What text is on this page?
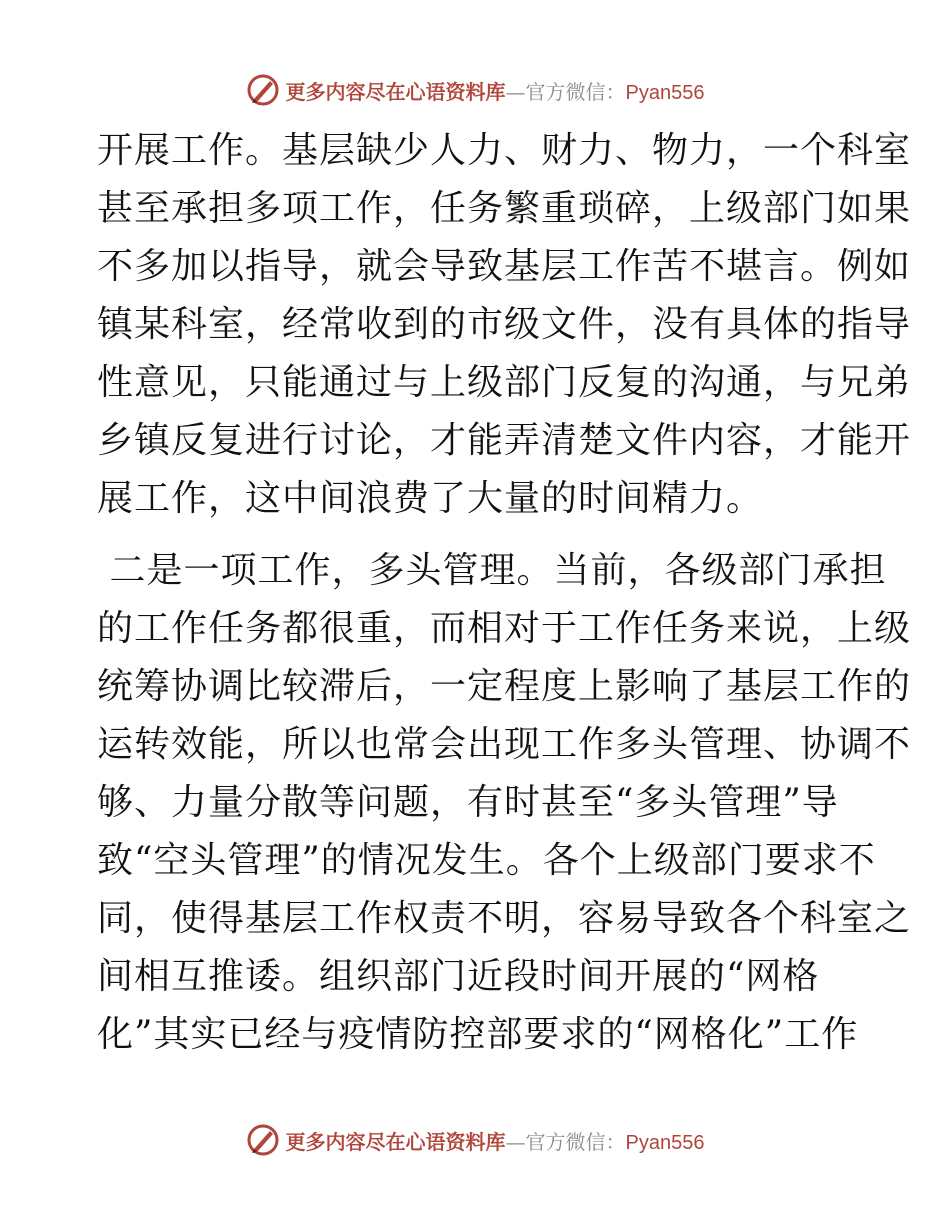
更多内容尽在心语资料库—官方微信：Pyan556
开展工作。基层缺少人力、财力、物力，一个科室
甚至承担多项工作，任务繁重琐碎，上级部门如果
不多加以指导，就会导致基层工作苦不堪言。例如
镇某科室，经常收到的市级文件，没有具体的指导
性意见，只能通过与上级部门反复的沟通，与兄弟
乡镇反复进行讨论，才能弄清楚文件内容，才能开
展工作，这中间浪费了大量的时间精力。
二是一项工作，多头管理。当前，各级部门承担
的工作任务都很重，而相对于工作任务来说，上级
统筹协调比较滞后，一定程度上影响了基层工作的
运转效能，所以也常会出现工作多头管理、协调不
够、力量分散等问题，有时甚至“多头管理”导
致“空头管理”的情况发生。各个上级部门要求不
同，使得基层工作权责不明，容易导致各个科室之
间相互推诿。组织部门近段时间开展的“网格
化”其实已经与疫情防控部要求的“网格化”工作
更多内容尽在心语资料库—官方微信：Pyan556
